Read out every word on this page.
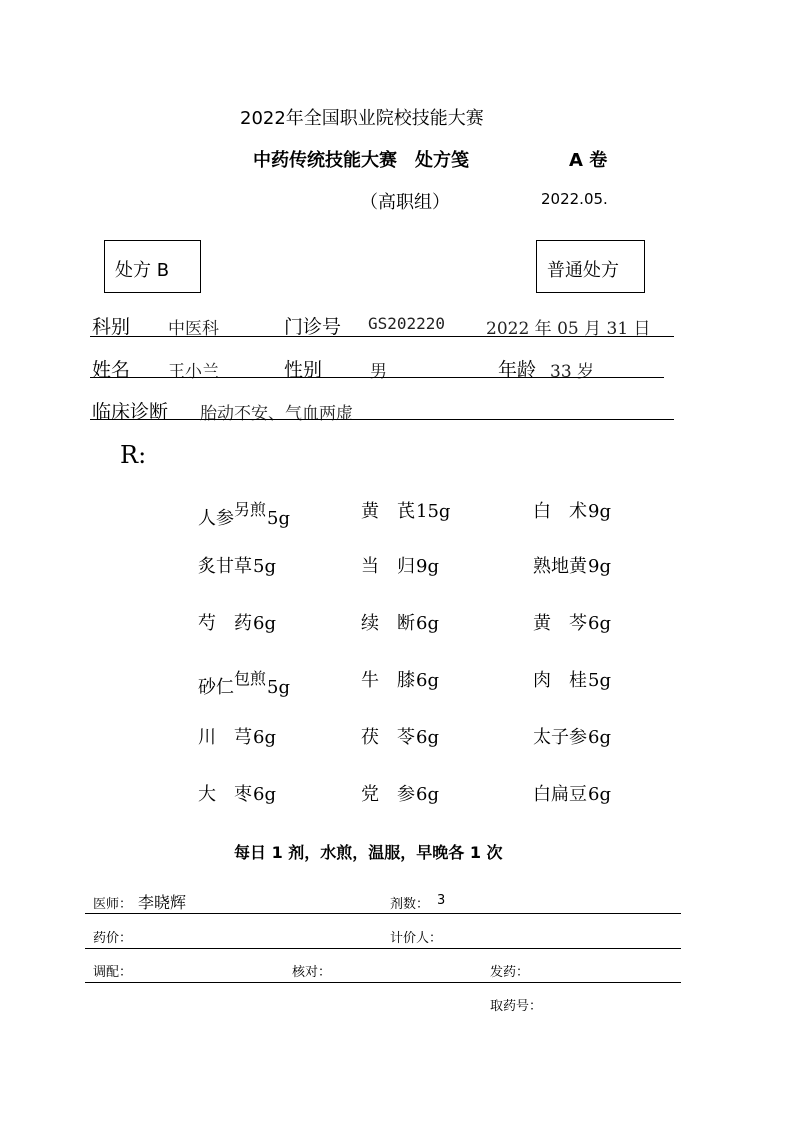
2022年全国职业院校技能大赛
中药传统技能大赛　处方笺	A 卷
（高职组）	2022.05.
处方 B	普通处方
科别 中医科	门诊号 GS202220 2022 年 05 月 31 日
姓名 王小兰	性别	男	年龄 33 岁
临床诊断 胎动不安、气血两虚
R:
人参$^{另煎}$5g	黄　芪15g	白　术9g
炙甘草5g	当　归9g	熟地黄9g
芍　药6g	续　断6g	黄　芩6g
砂仁$^{包煎}$5g	牛　膝6g	肉　桂5g
川　芎6g	茯　苓6g	太子参6g
大　枣6g	党　参6g	白扁豆6g
每日 1 剂，水煎，温服，早晚各 1 次
医师： 李晓辉	剂数： 3
药价：	计价人：
调配：	核对：	发药：
取药号：
